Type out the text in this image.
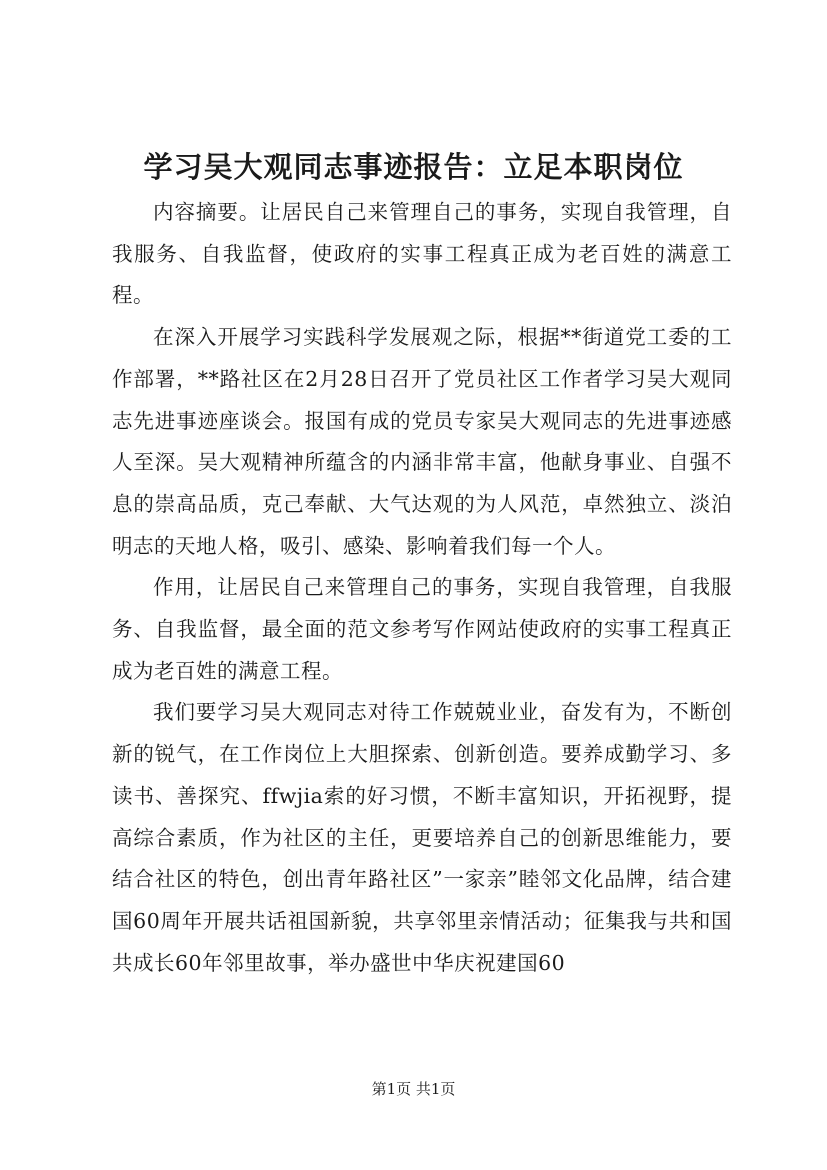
学习吴大观同志事迹报告：立足本职岗位

内容摘要。让居民自己来管理自己的事务，实现自我管理，自我服务、自我监督，使政府的实事工程真正成为老百姓的满意工程。

在深入开展学习实践科学发展观之际，根据**街道党工委的工作部署，**路社区在2月28日召开了党员社区工作者学习吴大观同志先进事迹座谈会。报国有成的党员专家吴大观同志的先进事迹感人至深。吴大观精神所蕴含的内涵非常丰富，他献身事业、自强不息的崇高品质，克己奉献、大气达观的为人风范，卓然独立、淡泊明志的天地人格，吸引、感染、影响着我们每一个人。

作用，让居民自己来管理自己的事务，实现自我管理，自我服务、自我监督，最全面的范文参考写作网站使政府的实事工程真正成为老百姓的满意工程。

我们要学习吴大观同志对待工作兢兢业业，奋发有为，不断创新的锐气，在工作岗位上大胆探索、创新创造。要养成勤学习、多读书、善探究、ffwjia索的好习惯，不断丰富知识，开拓视野，提高综合素质，作为社区的主任，更要培养自己的创新思维能力，要结合社区的特色，创出青年路社区”一家亲”睦邻文化品牌，结合建国60周年开展共话祖国新貌，共享邻里亲情活动；征集我与共和国共成长60年邻里故事，举办盛世中华庆祝建国60

第1页 共1页
